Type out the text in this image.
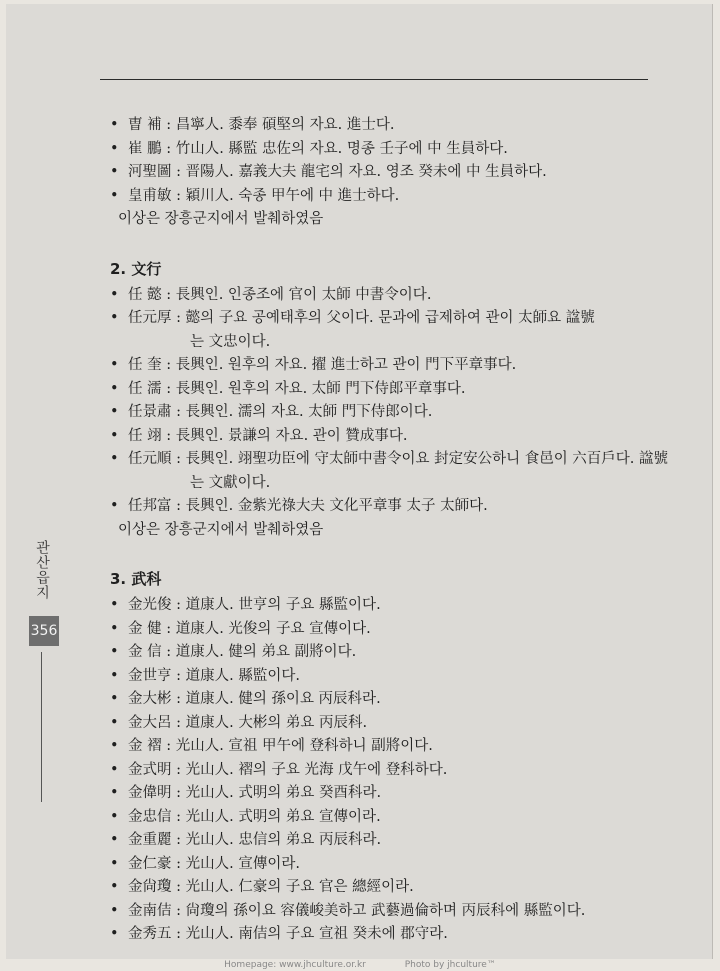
• 曺 補 : 昌寧人. 黍奉 碩堅의 자요. 進士다.
• 崔 鵬 : 竹山人. 縣監 忠佐의 자요. 명종 壬子에 中 生員하다.
• 河聖圖 : 晋陽人. 嘉義大夫 龍宅의 자요. 영조 癸未에 中 生員하다.
• 皇甫敏 : 穎川人. 숙종 甲午에 中 進士하다.
이상은 장흥군지에서 발췌하였음
2. 文行
• 任 懿 : 長興인. 인종조에 官이 太師 中書令이다.
• 任元厚 : 懿의 子요 공예태후의 父이다. 문과에 급제하여 관이 太師요 諡號
는 文忠이다.
• 任 奎 : 長興인. 원후의 자요. 擢 進士하고 관이 門下平章事다.
• 任 濡 : 長興인. 원후의 자요. 太師 門下侍郎平章事다.
• 任景肅 : 長興인. 濡의 자요. 太師 門下侍郎이다.
• 任 翊 : 長興인. 景謙의 자요. 관이 贊成事다.
• 任元順 : 長興인. 翊聖功臣에 守太師中書令이요 封定安公하니 食邑이 六百戶다. 諡號
는 文獻이다.
• 任邦富 : 長興인. 金紫光祿大夫 文化平章事 太子 太師다.
이상은 장흥군지에서 발췌하였음
3. 武科
• 金光俊 : 道康人. 世亨의 子요 縣監이다.
• 金 健 : 道康人. 光俊의 子요 宣傳이다.
• 金 信 : 道康人. 健의 弟요 副將이다.
• 金世亨 : 道康人. 縣監이다.
• 金大彬 : 道康人. 健의 孫이요 丙辰科라.
• 金大呂 : 道康人. 大彬의 弟요 丙辰科.
• 金 褶 : 光山人. 宣祖 甲午에 登科하니 副將이다.
• 金式明 : 光山人. 褶의 子요 光海 戊午에 登科하다.
• 金偉明 : 光山人. 式明의 弟요 癸酉科라.
• 金忠信 : 光山人. 式明의 弟요 宣傳이라.
• 金重麗 : 光山人. 忠信의 弟요 丙辰科라.
• 金仁豪 : 光山人. 宣傳이라.
• 金尙瓊 : 光山人. 仁豪의 子요 官은 總經이라.
• 金南佶 : 尙瓊의 孫이요 容儀峻美하고 武藝過倫하며 丙辰科에 縣監이다.
• 金秀五 : 光山人. 南佶의 子요 宣祖 癸未에 郡守라.
관산읍지
356
Homepage: www.jhculture.or.kr	Photo by jhculture™
